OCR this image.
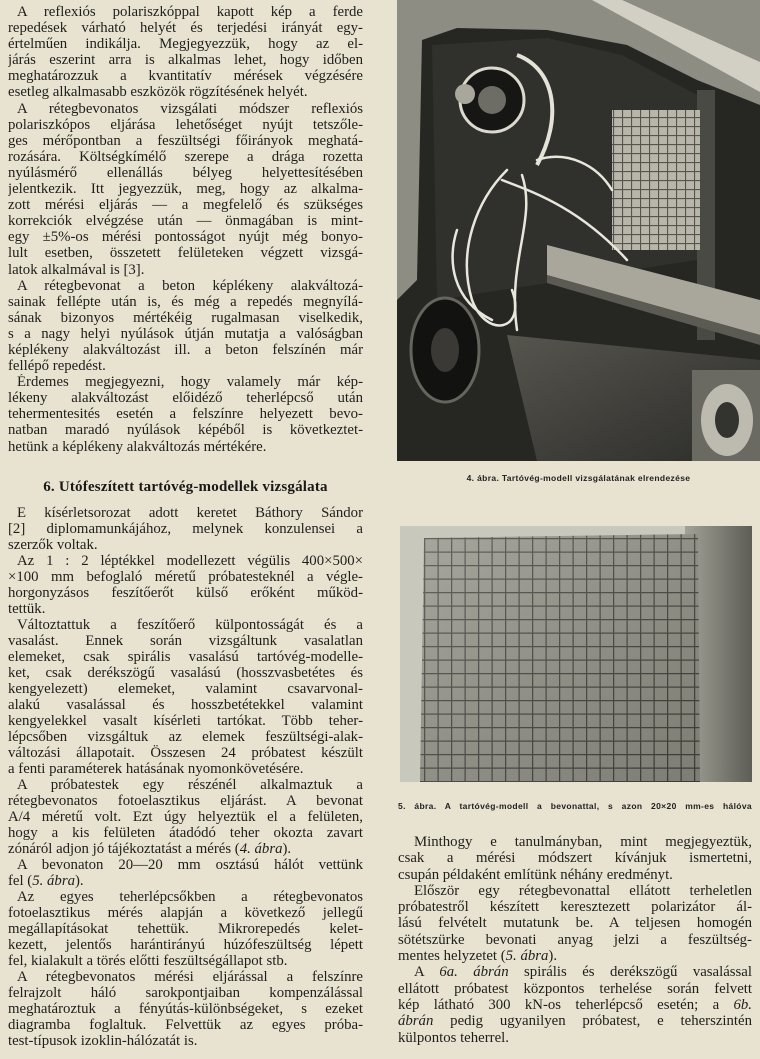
A reflexiós polariszkóppal kapott kép a ferde
repedések várható helyét és terjedési irányát egy-
értelműen indikálja. Megjegyezzük, hogy az el-
járás eszerint arra is alkalmas lehet, hogy időben
meghatározzuk a kvantitatív mérések végzésére
esetleg alkalmasabb eszközök rögzítésének helyét.
A rétegbevonatos vizsgálati módszer reflexiós
polariszkópos eljárása lehetőséget nyújt tetszőle-
ges mérőpontban a feszültségi főirányok meghatá-
rozására. Költségkímélő szerepe a drága rozetta
nyúlásmérő ellenállás bélyeg helyettesítésében
jelentkezik. Itt jegyezzük, meg, hogy az alkalma-
zott mérési eljárás — a megfelelő és szükséges
korrekciók elvégzése után — önmagában is mint-
egy ±5%-os mérési pontosságot nyújt még bonyo-
lult esetben, összetett felületeken végzett vizsgá-
latok alkalmával is [3].
A rétegbevonat a beton képlékeny alakváltozá-
sainak fellépte után is, és még a repedés megnyílá-
sának bizonyos mértékéig rugalmasan viselkedik,
s a nagy helyi nyúlások útján mutatja a valóságban
képlékeny alakváltozást ill. a beton felszínén már
fellépő repedést.
Érdemes megjegyezni, hogy valamely már kép-
lékeny alakváltozást előidéző teherlépcső után
tehermentesités esetén a felszínre helyezett bevo-
natban maradó nyúlások képéből is következtet-
hetünk a képlékeny alakváltozás mértékére.
6. Utófeszített tartóvég-modellek vizsgálata
E kísérletsorozat adott keretet Báthory Sándor
[2] diplomamunkájához, melynek konzulensei a
szerzők voltak.
Az 1 : 2 léptékkel modellezett végülis 400×500×
×100 mm befoglaló méretű próbatesteknél a végle-
horgonyzásos feszítőerőt külső erőként működ-
tettük.
Változtattuk a feszítőerő külpontosságát és a
vasalást. Ennek során vizsgáltunk vasalatlan
elemeket, csak spirális vasalású tartóvég-modelle-
ket, csak derékszögű vasalású (hosszvasbetétes és
kengyelezett) elemeket, valamint csavarvonal-
alakú vasalással és hosszbetétekkel valamint
kengyelekkel vasalt kísérleti tartókat. Több teher-
lépcsőben vizsgáltuk az elemek feszültségi-alak-
változási állapotait. Összesen 24 próbatest készült
a fenti paraméterek hatásának nyomonkövetésére.
A próbatestek egy részénél alkalmaztuk a
rétegbevonatos fotoelasztikus eljárást. A bevonat
A/4 méretű volt. Ezt úgy helyeztük el a felületen,
hogy a kis felületen átadódó teher okozta zavart
zónáról adjon jó tájékoztatást a mérés (4. ábra).
A bevonaton 20—20 mm osztású hálót vettünk
fel (5. ábra).
Az egyes teherlépcsőkben a rétegbevonatos
fotoelasztikus mérés alapján a következő jellegű
megállapításokat tehettük. Mikrorepedés kelet-
kezett, jelentős harántirányú húzófeszültség lépett
fel, kialakult a törés előtti feszültségállapot stb.
A rétegbevonatos mérési eljárással a felszínre
felrajzolt háló sarokpontjaiban kompenzálással
meghatároztuk a fényútás-különbségeket, s ezeket
diagramba foglaltuk. Felvettük az egyes próba-
test-típusok izoklin-hálózatát is.
4. ábra. Tartóvég-modell vizsgálatának elrendezése
5. ábra. A tartóvég-modell a bevonattal, s azon 20×20 mm-es hálóva
Minthogy e tanulmányban, mint megjegyeztük,
csak a mérési módszert kívánjuk ismertetni,
csupán példaként említünk néhány eredményt.
Először egy rétegbevonattal ellátott terheletlen
próbatestről készített keresztezett polarizátor ál-
lású felvételt mutatunk be. A teljesen homogén
sötétszürke bevonati anyag jelzi a feszültség-
mentes helyzetet (5. ábra).
A 6a. ábrán spirális és derékszögű vasalással
ellátott próbatest központos terhelése során felvett
kép látható 300 kN-os teherlépcső esetén; a 6b.
ábrán pedig ugyanilyen próbatest, e teherszintén
külpontos teherrel.
